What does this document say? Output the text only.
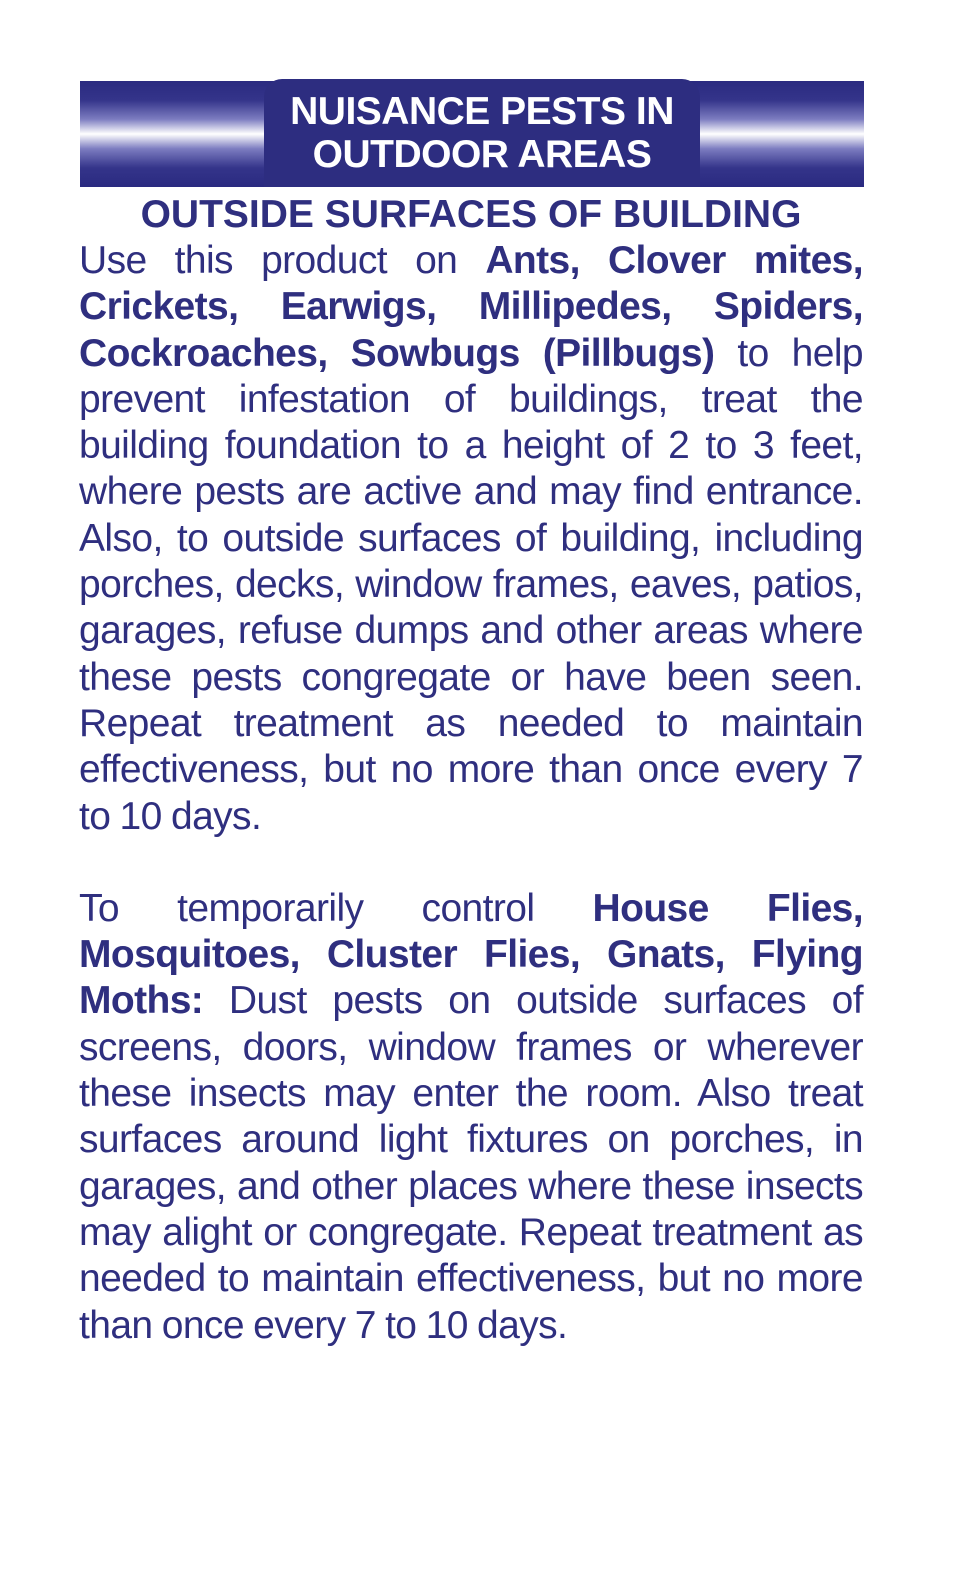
NUISANCE PESTS IN
OUTDOOR AREAS
OUTSIDE SURFACES OF BUILDING

Use this product on Ants, Clover mites, Crickets, Earwigs, Millipedes, Spiders, Cockroaches, Sowbugs (Pillbugs) to help prevent infestation of buildings, treat the building foundation to a height of 2 to 3 feet, where pests are active and may find entrance. Also, to outside surfaces of building, including porches, decks, window frames, eaves, patios, garages, refuse dumps and other areas where these pests congregate or have been seen. Repeat treatment as needed to maintain effectiveness, but no more than once every 7 to 10 days.

To temporarily control House Flies, Mosquitoes, Cluster Flies, Gnats, Flying Moths: Dust pests on outside surfaces of screens, doors, window frames or wherever these insects may enter the room. Also treat surfaces around light fixtures on porches, in garages, and other places where these insects may alight or congregate. Repeat treatment as needed to maintain effectiveness, but no more than once every 7 to 10 days.
